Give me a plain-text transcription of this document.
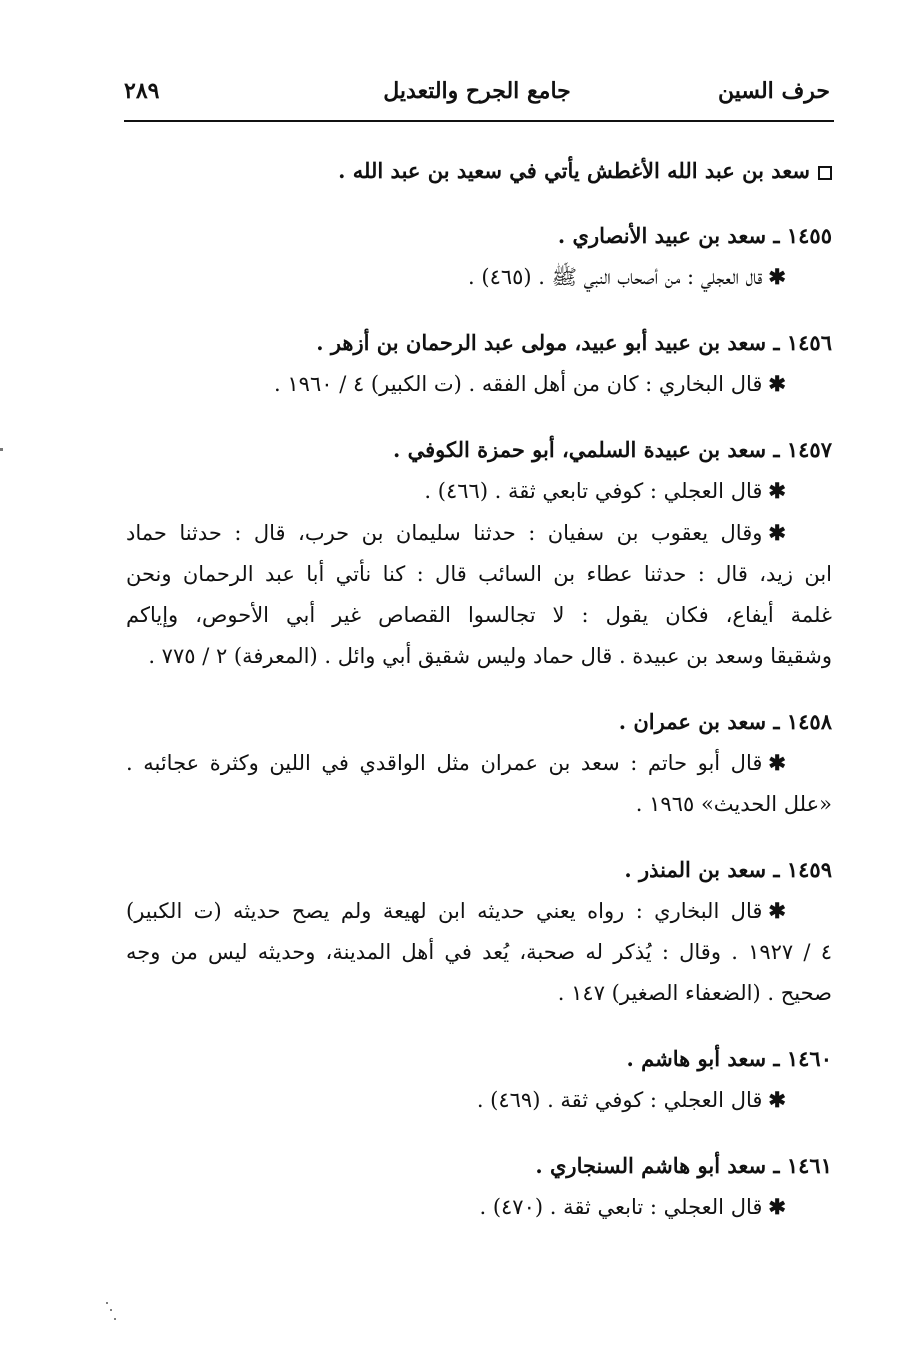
حرف السين
جامع الجرح والتعديل
٢٨٩
سعد بن عبد الله الأغطش يأتي في سعيد بن عبد الله .
١٤٥٥ ـ سعد بن عبيد الأنصاري .
✱قال العجلي : من أصحاب النبي ﷺ . (٤٦٥) .
١٤٥٦ ـ سعد بن عبيد أبو عبيد، مولى عبد الرحمان بن أزهر .
✱قال البخاري : كان من أهل الفقه . (ت الكبير) ٤ / ١٩٦٠ .
١٤٥٧ ـ سعد بن عبيدة السلمي، أبو حمزة الكوفي .
✱قال العجلي : كوفي تابعي ثقة . (٤٦٦) .
✱وقال يعقوب بن سفيان : حدثنا سليمان بن حرب، قال : حدثنا حماد
ابن زيد، قال : حدثنا عطاء بن السائب قال : كنا نأتي أبا عبد الرحمان ونحن
غلمة أيفاع، فكان يقول : لا تجالسوا القصاص غير أبي الأحوص، وإياكم
وشقيقا وسعد بن عبيدة . قال حماد وليس شقيق أبي وائل . (المعرفة) ٢ / ٧٧٥ .
١٤٥٨ ـ سعد بن عمران .
✱قال أبو حاتم : سعد بن عمران مثل الواقدي في اللين وكثرة عجائبه .
«علل الحديث» ١٩٦٥ .
١٤٥٩ ـ سعد بن المنذر .
✱قال البخاري : رواه يعني حديثه ابن لهيعة ولم يصح حديثه (ت الكبير)
٤ / ١٩٢٧ . وقال : يُذكر له صحبة، يُعد في أهل المدينة، وحديثه ليس من وجه
صحيح . (الضعفاء الصغير) ١٤٧ .
١٤٦٠ ـ سعد أبو هاشم .
✱قال العجلي : كوفي ثقة . (٤٦٩) .
١٤٦١ ـ سعد أبو هاشم السنجاري .
✱قال العجلي : تابعي ثقة . (٤٧٠) .
